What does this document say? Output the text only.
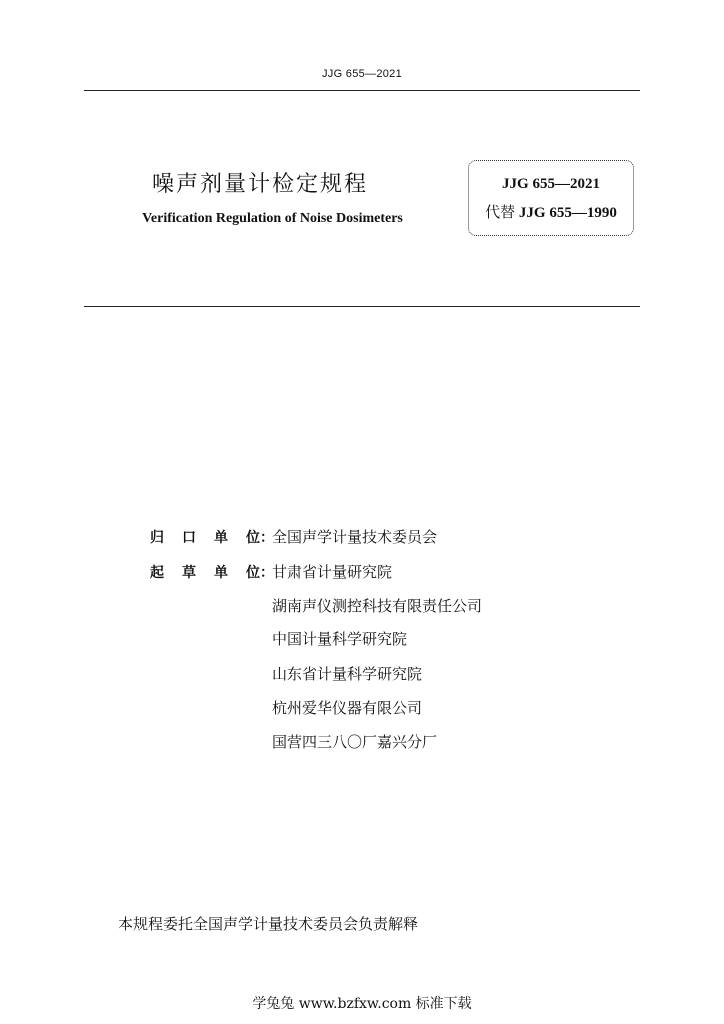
JJG 655—2021
噪声剂量计检定规程
Verification Regulation of Noise Dosimeters
JJG 655—2021
代替 JJG 655—1990
归 口 单 位：
全国声学计量技术委员会
起 草 单 位：
甘肃省计量研究院
湖南声仪测控科技有限责任公司
中国计量科学研究院
山东省计量科学研究院
杭州爱华仪器有限公司
国营四三八〇厂嘉兴分厂
本规程委托全国声学计量技术委员会负责解释
学兔兔 www.bzfxw.com 标准下载
